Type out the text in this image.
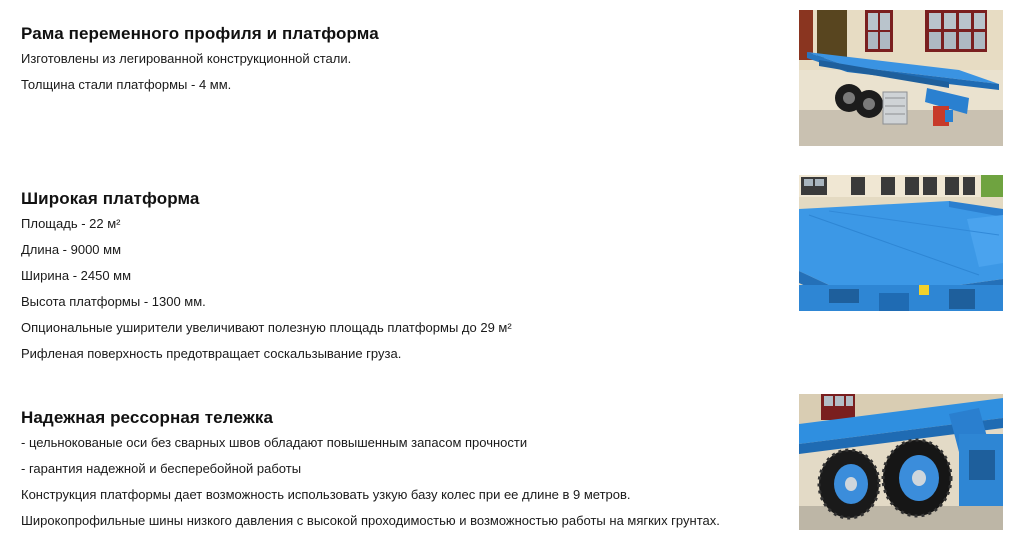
Рама переменного профиля и платформа

Изготовлены из легированной конструкционной стали.

Толщина стали платформы - 4 мм.

Широкая платформа

Площадь - 22 м²

Длина - 9000 мм

Ширина - 2450 мм

Высота платформы - 1300 мм.

Опциональные уширители увеличивают полезную площадь платформы до 29 м²

Рифленая поверхность предотвращает соскальзывание груза.

Надежная рессорная тележка

- цельнокованые оси без сварных швов обладают повышенным запасом прочности

- гарантия надежной и бесперебойной работы

Конструкция платформы дает возможность использовать узкую базу колес при ее длине в 9 метров.

Широкопрофильные шины низкого давления с высокой проходимостью и возможностью работы на мягких грунтах.
